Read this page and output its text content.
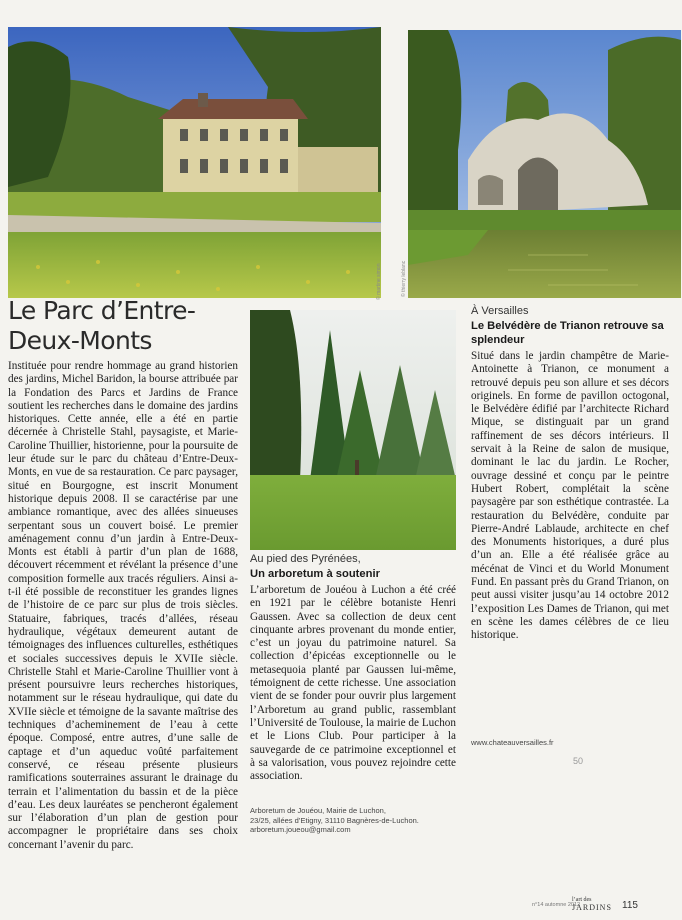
© martine simon	© thierry leblanc
Le Parc d’Entre-Deux-Monts

Instituée pour rendre hommage au grand historien des jardins, Michel Baridon, la bourse attribuée par la Fondation des Parcs et Jardins de France soutient les recherches dans le domaine des jardins historiques. Cette année, elle a été en partie décernée à Christelle Stahl, paysagiste, et Marie-Caroline Thuillier, historienne, pour la poursuite de leur étude sur le parc du château d’Entre-Deux-Monts, en vue de sa restauration. Ce parc paysager, situé en Bourgogne, est inscrit Monument historique depuis 2008. Il se caractérise par une ambiance romantique, avec des allées sinueuses serpentant sous un couvert boisé. Le premier aménagement connu d’un jardin à Entre-Deux-Monts est établi à partir d’un plan de 1688, découvert récemment et révélant la présence d’une composition formelle aux tracés réguliers. Ainsi a-t-il été possible de reconstituer les grandes lignes de l’histoire de ce parc sur plus de trois siècles. Statuaire, fabriques, tracés d’allées, réseau hydraulique, végétaux demeurent autant de témoignages des influences culturelles, esthétiques et sociales successives depuis le XVIIe siècle. Christelle Stahl et Marie-Caroline Thuillier vont à présent poursuivre leurs recherches historiques, notamment sur le réseau hydraulique, qui date du XVIIe siècle et témoigne de la savante maîtrise des techniques d’acheminement de l’eau à cette époque. Composé, entre autres, d’une salle de captage et d’un aqueduc voûté parfaitement conservé, ce réseau présente plusieurs ramifications souterraines assurant le drainage du terrain et l’alimentation du bassin et de la pièce d’eau. Les deux lauréates se pencheront également sur l’élaboration d’un plan de gestion pour accompagner le propriétaire dans ses choix concernant l’avenir du parc.

Au pied des Pyrénées,
Un arboretum à soutenir

L’arboretum de Jouéou à Luchon a été créé en 1921 par le célèbre botaniste Henri Gaussen. Avec sa collection de deux cent cinquante arbres provenant du monde entier, c’est un joyau du patrimoine naturel. Sa collection d’épicéas exceptionnelle ou le metasequoia planté par Gaussen lui-même, témoignent de cette richesse. Une association vient de se fonder pour ouvrir plus largement l’Arboretum au grand public, rassemblant l’Université de Toulouse, la mairie de Luchon et le Lions Club. Pour participer à la sauvegarde de ce patrimoine exceptionnel et à sa valorisation, vous pouvez rejoindre cette association.

Arboretum de Jouéou, Mairie de Luchon,
23/25, allées d’Etigny, 31110 Bagnères-de-Luchon.
arboretum.joueou@gmail.com
À Versailles
Le Belvédère de Trianon retrouve sa splendeur

Situé dans le jardin champêtre de Marie-Antoinette à Trianon, ce monument a retrouvé depuis peu son allure et ses décors originels. En forme de pavillon octogonal, le Belvédère édifié par l’architecte Richard Mique, se distinguait par un grand raffinement de ses décors intérieurs. Il servait à la Reine de salon de musique, dominant le lac du jardin. Le Rocher, ouvrage dessiné et conçu par le peintre Hubert Robert, complétait la scène paysagère par son esthétique contrastée. La restauration du Belvédère, conduite par Pierre-André Lablaude, architecte en chef des Monuments historiques, a duré plus d’un an. Elle a été réalisée grâce au mécénat de Vinci et du World Monument Fund. En passant près du Grand Trianon, on peut aussi visiter jusqu’au 14 octobre 2012 l’exposition Les Dames de Trianon, qui met en scène les dames célèbres de ce lieu historique.

www.chateauversailles.fr
50
n°14 automne 2012
l’art des
JARDINS 115
